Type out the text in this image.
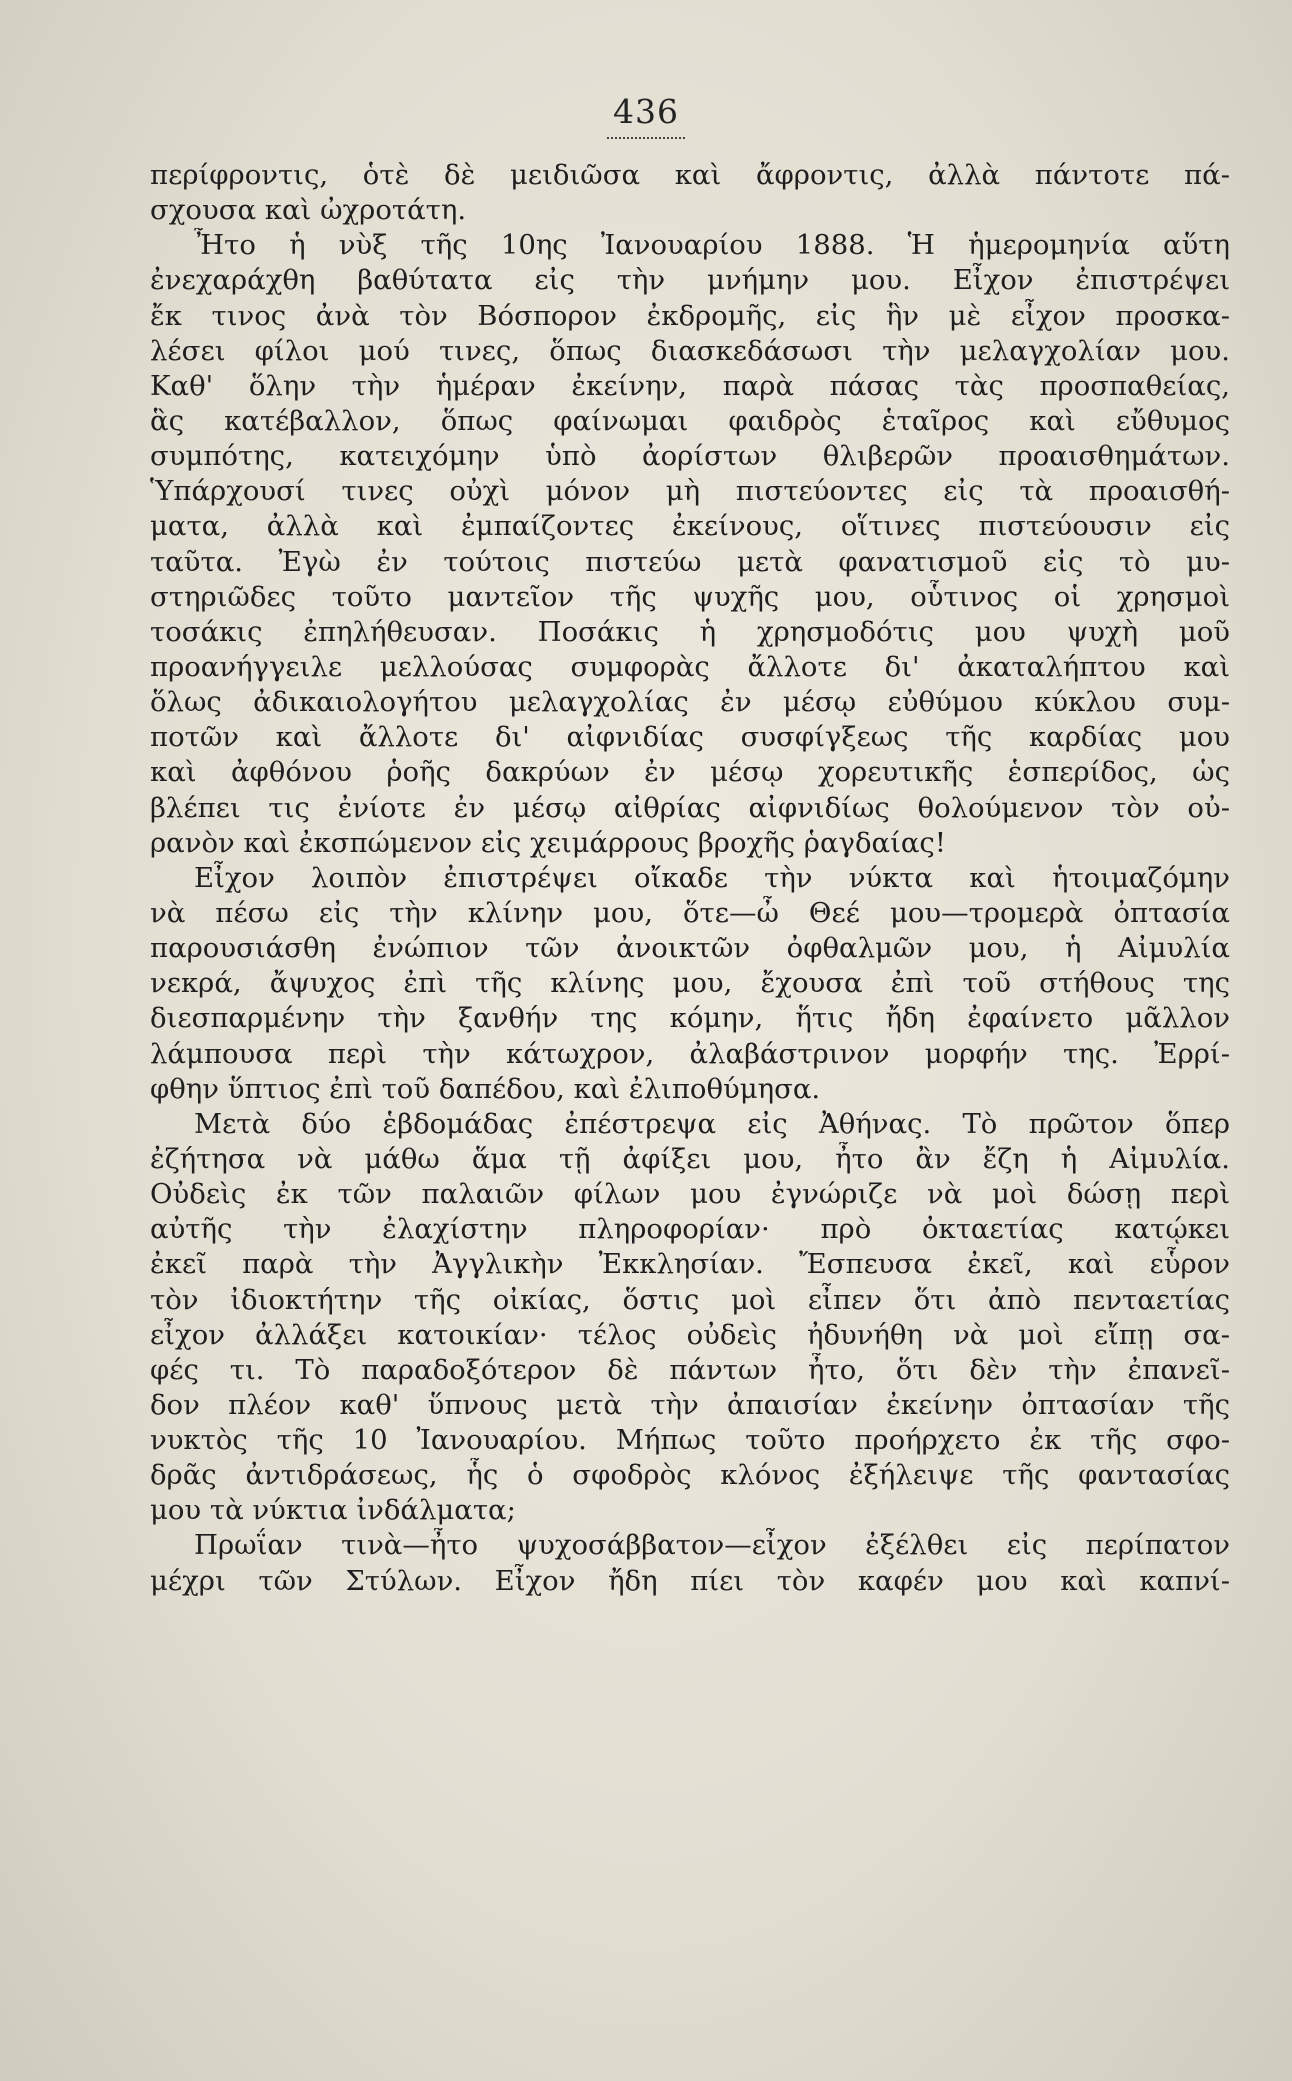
436
περίφροντις, ὁτὲ δὲ μειδιῶσα καὶ ἄφροντις, ἀλλὰ πάντοτε πά-
σχουσα καὶ ὠχροτάτη.
Ἦτο ἡ νὺξ τῆς 10ης Ἰανουαρίου 1888. Ἡ ἡμερομηνία αὕτη
ἐνεχαράχθη βαθύτατα εἰς τὴν μνήμην μου. Εἶχον ἐπιστρέψει
ἔκ τινος ἀνὰ τὸν Βόσπορον ἐκδρομῆς, εἰς ἣν μὲ εἶχον προσκα-
λέσει φίλοι μού τινες, ὅπως διασκεδάσωσι τὴν μελαγχολίαν μου.
Καθ' ὅλην τὴν ἡμέραν ἐκείνην, παρὰ πάσας τὰς προσπαθείας,
ἃς κατέβαλλον, ὅπως φαίνωμαι φαιδρὸς ἑταῖρος καὶ εὔθυμος
συμπότης, κατειχόμην ὑπὸ ἀορίστων θλιβερῶν προαισθημάτων.
Ὑπάρχουσί τινες οὐχὶ μόνον μὴ πιστεύοντες εἰς τὰ προαισθή-
ματα, ἀλλὰ καὶ ἐμπαίζοντες ἐκείνους, οἵτινες πιστεύουσιν εἰς
ταῦτα. Ἐγὼ ἐν τούτοις πιστεύω μετὰ φανατισμοῦ εἰς τὸ μυ-
στηριῶδες τοῦτο μαντεῖον τῆς ψυχῆς μου, οὗτινος οἱ χρησμοὶ
τοσάκις ἐπηλήθευσαν. Ποσάκις ἡ χρησμοδότις μου ψυχὴ μοῦ
προανήγγειλε μελλούσας συμφορὰς ἄλλοτε δι' ἀκαταλήπτου καὶ
ὅλως ἀδικαιολογήτου μελαγχολίας ἐν μέσῳ εὐθύμου κύκλου συμ-
ποτῶν καὶ ἄλλοτε δι' αἰφνιδίας συσφίγξεως τῆς καρδίας μου
καὶ ἀφθόνου ῥοῆς δακρύων ἐν μέσῳ χορευτικῆς ἑσπερίδος, ὡς
βλέπει τις ἐνίοτε ἐν μέσῳ αἰθρίας αἰφνιδίως θολούμενον τὸν οὐ-
ρανὸν καὶ ἐκσπώμενον εἰς χειμάρρους βροχῆς ῥαγδαίας!
Εἶχον λοιπὸν ἐπιστρέψει οἴκαδε τὴν νύκτα καὶ ἡτοιμαζόμην
νὰ πέσω εἰς τὴν κλίνην μου, ὅτε—ὦ Θεέ μου—τρομερὰ ὀπτασία
παρουσιάσθη ἐνώπιον τῶν ἀνοικτῶν ὀφθαλμῶν μου, ἡ Αἰμυλία
νεκρά, ἄψυχος ἐπὶ τῆς κλίνης μου, ἔχουσα ἐπὶ τοῦ στήθους της
διεσπαρμένην τὴν ξανθήν της κόμην, ἥτις ἤδη ἐφαίνετο μᾶλλον
λάμπουσα περὶ τὴν κάτωχρον, ἀλαβάστρινον μορφήν της. Ἐρρί-
φθην ὕπτιος ἐπὶ τοῦ δαπέδου, καὶ ἐλιποθύμησα.
Μετὰ δύο ἑβδομάδας ἐπέστρεψα εἰς Ἀθήνας. Τὸ πρῶτον ὅπερ
ἐζήτησα νὰ μάθω ἅμα τῇ ἀφίξει μου, ἦτο ἂν ἔζη ἡ Αἰμυλία.
Οὐδεὶς ἐκ τῶν παλαιῶν φίλων μου ἐγνώριζε νὰ μοὶ δώσῃ περὶ
αὐτῆς τὴν ἐλαχίστην πληροφορίαν· πρὸ ὀκταετίας κατῴκει
ἐκεῖ παρὰ τὴν Ἀγγλικὴν Ἐκκλησίαν. Ἔσπευσα ἐκεῖ, καὶ εὗρον
τὸν ἰδιοκτήτην τῆς οἰκίας, ὅστις μοὶ εἶπεν ὅτι ἀπὸ πενταετίας
εἶχον ἀλλάξει κατοικίαν· τέλος οὐδεὶς ἠδυνήθη νὰ μοὶ εἴπῃ σα-
φές τι. Τὸ παραδοξότερον δὲ πάντων ἦτο, ὅτι δὲν τὴν ἐπανεῖ-
δον πλέον καθ' ὕπνους μετὰ τὴν ἀπαισίαν ἐκείνην ὀπτασίαν τῆς
νυκτὸς τῆς 10 Ἰανουαρίου. Μήπως τοῦτο προήρχετο ἐκ τῆς σφο-
δρᾶς ἀντιδράσεως, ἧς ὁ σφοδρὸς κλόνος ἐξήλειψε τῆς φαντασίας
μου τὰ νύκτια ἰνδάλματα;
Πρωΐαν τινὰ—ἦτο ψυχοσάββατον—εἶχον ἐξέλθει εἰς περίπατον
μέχρι τῶν Στύλων. Εἶχον ἤδη πίει τὸν καφέν μου καὶ καπνί-
